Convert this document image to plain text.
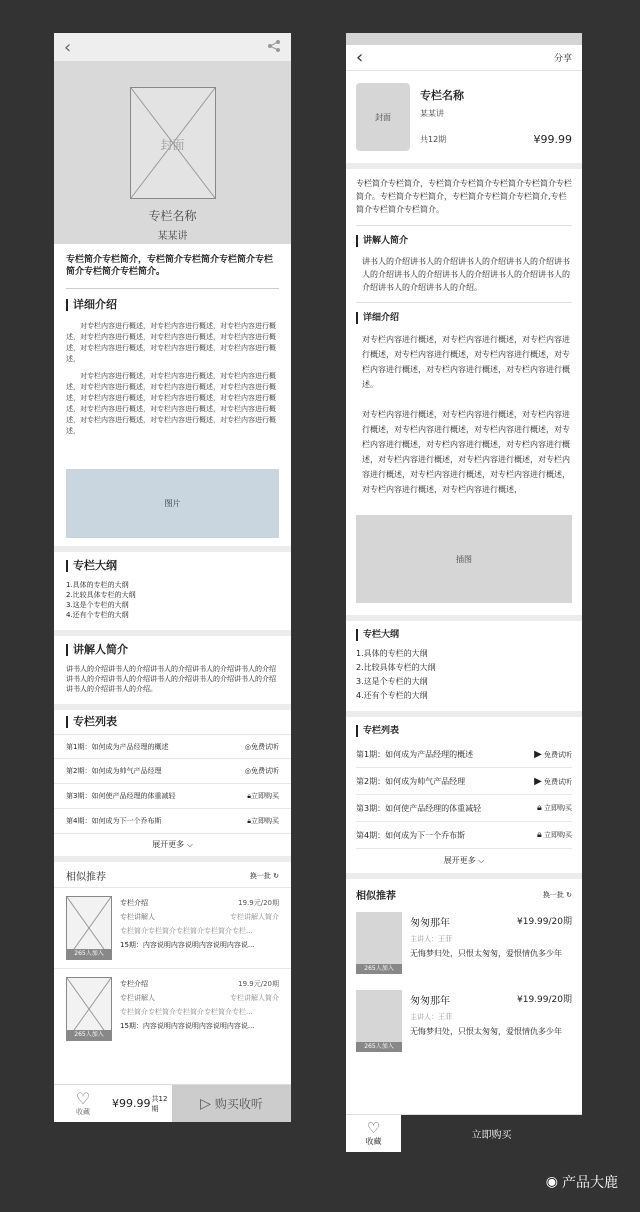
‹
封面
专栏名称
某某讲
专栏简介专栏简介，专栏简介专栏简介专栏简介专栏简介专栏简介专栏简介。
详细介绍
对专栏内容进行概述，对专栏内容进行概述，对专栏内容进行概述，对专栏内容进行概述，对专栏内容进行概述，对专栏内容进行概述，对专栏内容进行概述，对专栏内容进行概述，对专栏内容进行概述，
对专栏内容进行概述，对专栏内容进行概述，对专栏内容进行概述，对专栏内容进行概述，对专栏内容进行概述，对专栏内容进行概述，对专栏内容进行概述，对专栏内容进行概述，对专栏内容进行概述，对专栏内容进行概述，对专栏内容进行概述，对专栏内容进行概述，对专栏内容进行概述，对专栏内容进行概述，对专栏内容进行概述，
图片
专栏大纲
1.具体的专栏的大纲
2.比较具体专栏的大纲
3.这是个专栏的大纲
4.还有个专栏的大纲
讲解人简介
讲书人的介绍讲书人的介绍讲书人的介绍讲书人的介绍讲书人的介绍讲书人的介绍讲书人的介绍讲书人的介绍讲书人的介绍讲书人的介绍讲书人的介绍讲书人的介绍。
专栏列表
第1期：如何成为产品经理的概述	◎免费试听
第2期：如何成为帅气产品经理	◎免费试听
第3期：如何使产品经理的体重减轻	🔒︎立即购买
第4期：如何成为下一个乔布斯	🔒︎立即购买
展开更多 ⌵
相似推荐	换一批 ↻
265人加入
专栏介绍	19.9元/20期
专栏讲解人	专栏讲解人简介
专栏简介专栏简介专栏简介专栏简介专栏...
15期：内容说明内容说明内容说明内容说...
265人加入
专栏介绍	19.9元/20期
专栏讲解人	专栏讲解人简介
专栏简介专栏简介专栏简介专栏简介专栏...
15期：内容说明内容说明内容说明内容说...
♡
收藏
¥99.99 共12期	▷ 购买收听
‹	分享
封面
专栏名称
某某讲
共12期	¥99.99
专栏简介专栏简介，专栏简介专栏简介专栏简介专栏简介专栏简介。专栏简介专栏简介，专栏简介专栏简介专栏简介,专栏简介专栏简介专栏简介。
讲解人简介
讲书人的介绍讲书人的介绍讲书人的介绍讲书人的介绍讲书人的介绍讲书人的介绍讲书人的介绍讲书人的介绍讲书人的介绍讲书人的介绍讲书人的介绍。
详细介绍
对专栏内容进行概述，对专栏内容进行概述，对专栏内容进行概述，对专栏内容进行概述，对专栏内容进行概述，对专栏内容进行概述，对专栏内容进行概述，对专栏内容进行概述。
对专栏内容进行概述，对专栏内容进行概述，对专栏内容进行概述，对专栏内容进行概述，对专栏内容进行概述，对专栏内容进行概述，对专栏内容进行概述，对专栏内容进行概述，对专栏内容进行概述，对专栏内容进行概述，对专栏内容进行概述，对专栏内容进行概述，对专栏内容进行概述，对专栏内容进行概述，对专栏内容进行概述，
插图
专栏大纲
1.具体的专栏的大纲
2.比较具体专栏的大纲
3.这是个专栏的大纲
4.还有个专栏的大纲
专栏列表
第1期：如何成为产品经理的概述	▶︎ 免费试听
第2期：如何成为帅气产品经理	▶︎ 免费试听
第3期：如何使产品经理的体重减轻	🔒︎ 立即购买
第4期：如何成为下一个乔布斯	🔒︎ 立即购买
展开更多 ⌵
相似推荐	换一批 ↻
265人加入
匆匆那年	¥19.99/20期
主讲人：王菲
无悔梦归处，只恨太匆匆，爱恨情仇多少年
265人加入
匆匆那年	¥19.99/20期
主讲人：王菲
无悔梦归处，只恨太匆匆，爱恨情仇多少年
♡
收藏	立即购买
◉ 产品大鹿
